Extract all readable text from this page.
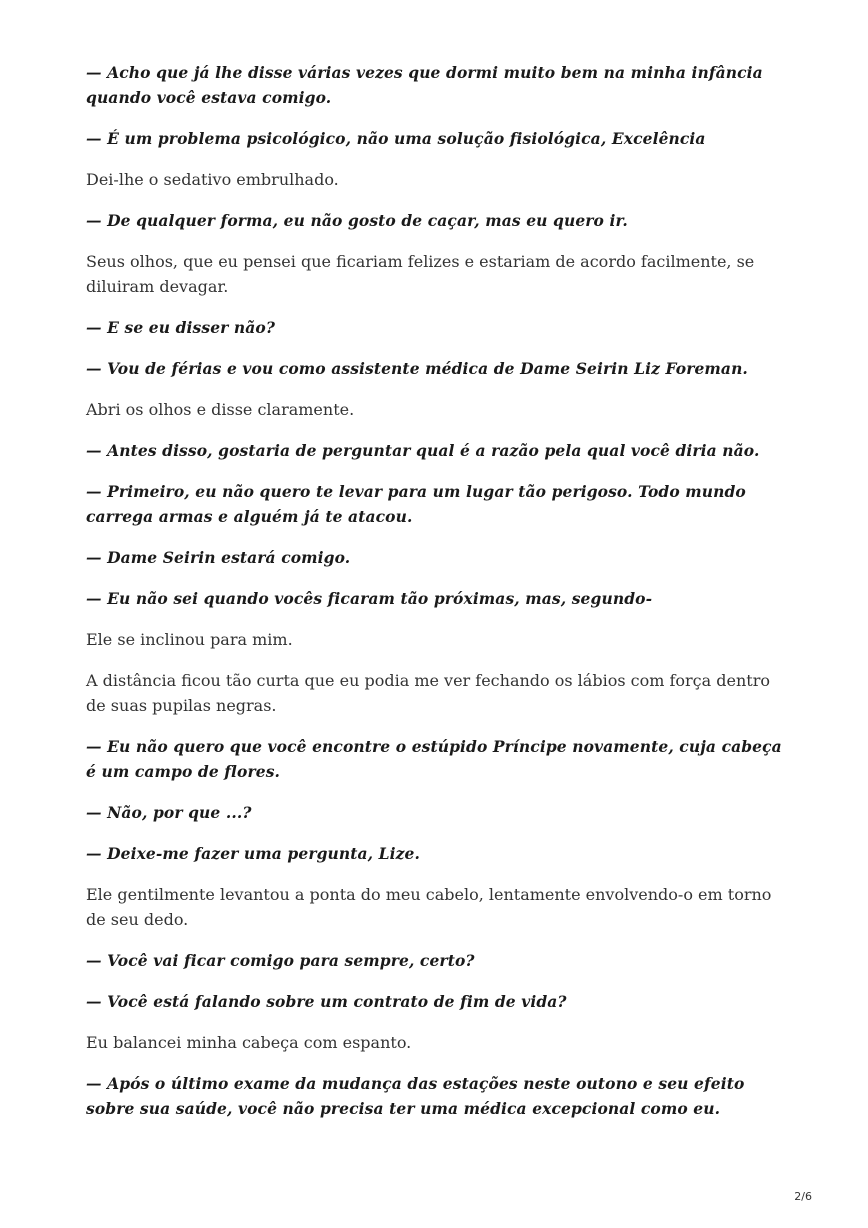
— Acho que já lhe disse várias vezes que dormi muito bem na minha infância quando você estava comigo.

— É um problema psicológico, não uma solução fisiológica, Excelência

Dei-lhe o sedativo embrulhado.

— De qualquer forma, eu não gosto de caçar, mas eu quero ir.

Seus olhos, que eu pensei que ficariam felizes e estariam de acordo facilmente, se diluiram devagar.

— E se eu disser não?

— Vou de férias e vou como assistente médica de Dame Seirin Liz Foreman.

Abri os olhos e disse claramente.

— Antes disso, gostaria de perguntar qual é a razão pela qual você diria não.

— Primeiro, eu não quero te levar para um lugar tão perigoso. Todo mundo carrega armas e alguém já te atacou.

— Dame Seirin estará comigo.

— Eu não sei quando vocês ficaram tão próximas, mas, segundo-

Ele se inclinou para mim.

A distância ficou tão curta que eu podia me ver fechando os lábios com força dentro de suas pupilas negras.

— Eu não quero que você encontre o estúpido Príncipe novamente, cuja cabeça é um campo de flores.

— Não, por que ...?

— Deixe-me fazer uma pergunta, Lize.

Ele gentilmente levantou a ponta do meu cabelo, lentamente envolvendo-o em torno de seu dedo.

— Você vai ficar comigo para sempre, certo?

— Você está falando sobre um contrato de fim de vida?

Eu balancei minha cabeça com espanto.

— Após o último exame da mudança das estações neste outono e seu efeito sobre sua saúde, você não precisa ter uma médica excepcional como eu.

2/6
